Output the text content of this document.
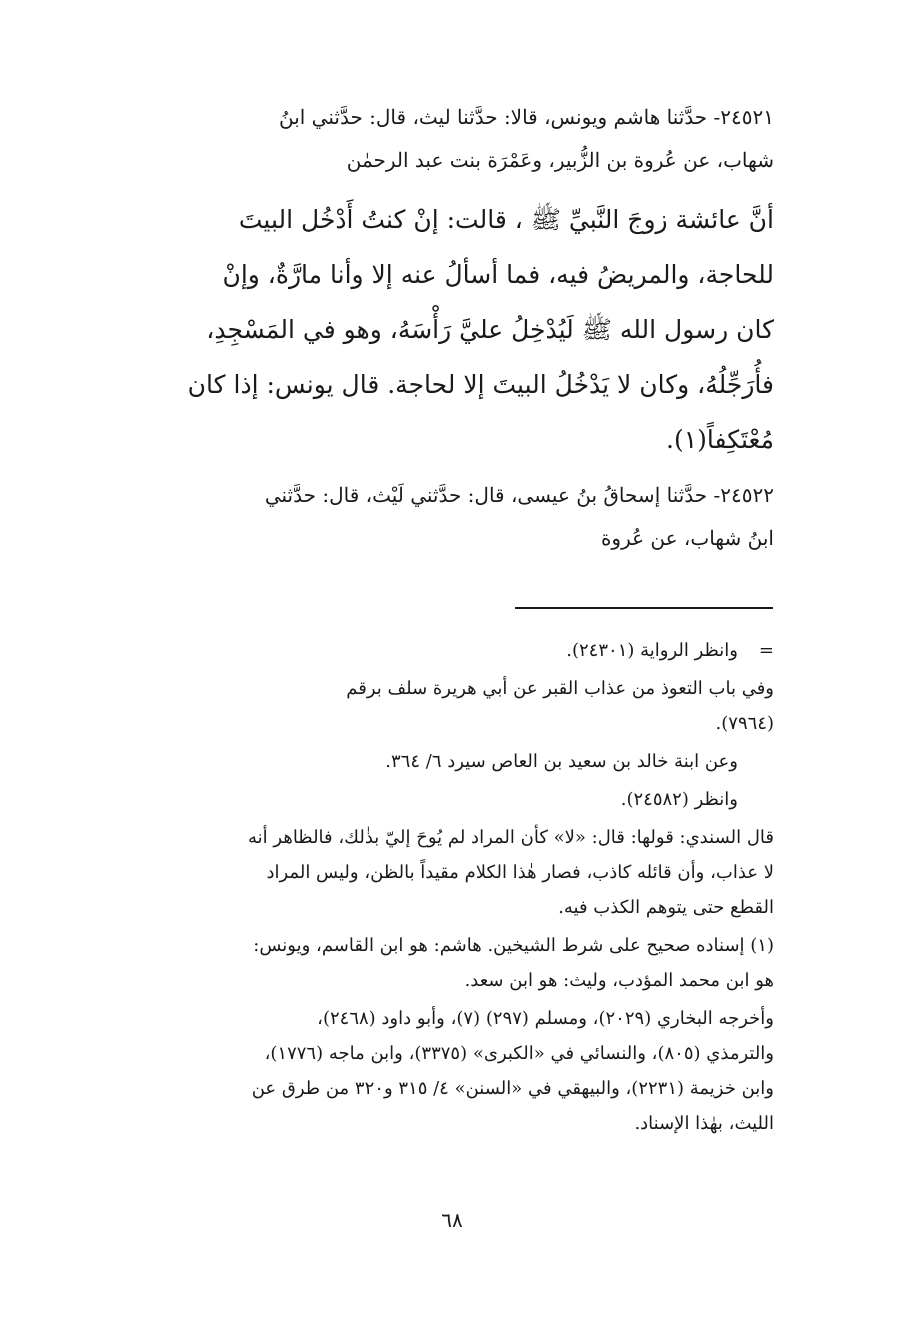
٢٤٥٢١- حدَّثنا هاشم ويونس، قالا: حدَّثنا ليث، قال: حدَّثني ابنُ
شهاب، عن عُروة بن الزُّبير، وعَمْرَة بنت عبد الرحمٰن
أنَّ عائشة زوجَ النَّبيِّ ﷺ ، قالت: إنْ كنتُ أَدْخُل البيتَ
للحاجة، والمريضُ فيه، فما أسألُ عنه إلا وأنا مارَّةٌ، وإنْ
كان رسول الله ﷺ لَيُدْخِلُ عليَّ رَأْسَهُ، وهو في المَسْجِدِ،
فأُرَجِّلُهُ، وكان لا يَدْخُلُ البيتَ إلا لحاجة. قال يونس: إذا كان
مُعْتَكِفاً(١).
٢٤٥٢٢- حدَّثنا إسحاقُ بنُ عيسى، قال: حدَّثني لَيْث، قال: حدَّثني
ابنُ شهاب، عن عُروة
=وانظر الرواية (٢٤٣٠١).
وفي باب التعوذ من عذاب القبر عن أبي هريرة سلف برقم
(٧٩٦٤).
وعن ابنة خالد بن سعيد بن العاص سيرد ٦/ ٣٦٤.
وانظر (٢٤٥٨٢).
قال السندي: قولها: قال: «لا» كأن المراد لم يُوحَ إليّ بذٰلك، فالظاهر أنه
لا عذاب، وأن قائله كاذب، فصار هٰذا الكلام مقيداً بالظن، وليس المراد
القطع حتى يتوهم الكذب فيه.
(١) إسناده صحيح على شرط الشيخين. هاشم: هو ابن القاسم، ويونس:
هو ابن محمد المؤدب، وليث: هو ابن سعد.
وأخرجه البخاري (٢٠٢٩)، ومسلم (٢٩٧) (٧)، وأبو داود (٢٤٦٨)،
والترمذي (٨٠٥)، والنسائي في «الكبرى» (٣٣٧٥)، وابن ماجه (١٧٧٦)،
وابن خزيمة (٢٢٣١)، والبيهقي في «السنن» ٤/ ٣١٥ و٣٢٠ من طرق عن
الليث، بهٰذا الإسناد.
٦٨
